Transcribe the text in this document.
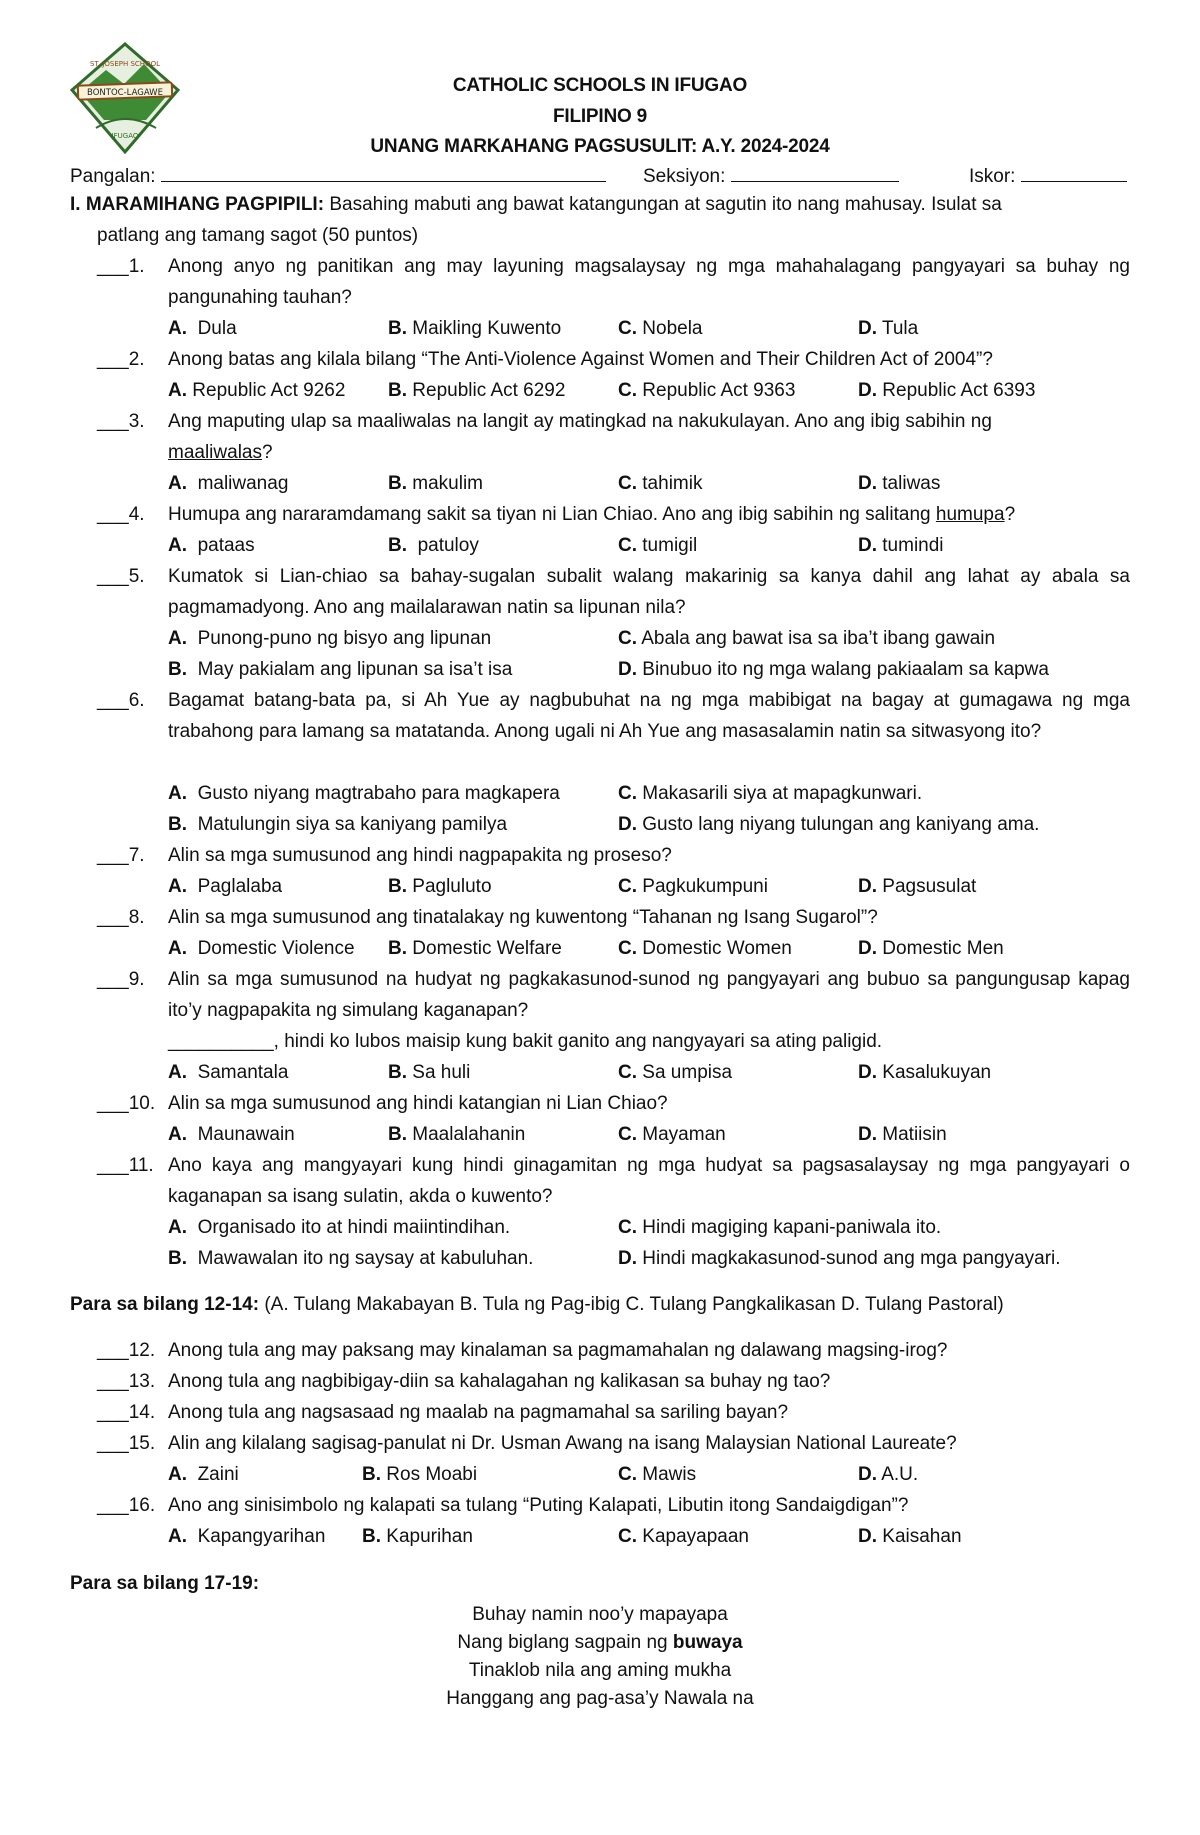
BONTOC-LAGAWE
ST. JOSEPH SCHOOL
IFUGAO
CATHOLIC SCHOOLS IN IFUGAO
FILIPINO 9
UNANG MARKAHANG PAGSUSULIT: A.Y. 2024-2024
Pangalan:	Seksiyon:	Iskor:
I. MARAMIHANG PAGPIPILI: Basahing mabuti ang bawat katangungan at sagutin ito nang mahusay. Isulat sa
patlang ang tamang sagot (50 puntos)
___1. Anong anyo ng panitikan ang may layuning magsalaysay ng mga mahahalagang pangyayari sa buhay ng pangunahing tauhan?
A. Dula	B. Maikling Kuwento	C. Nobela	D. Tula
___2. Anong batas ang kilala bilang “The Anti-Violence Against Women and Their Children Act of 2004”?
A. Republic Act 9262 B. Republic Act 6292	C. Republic Act 9363	D. Republic Act 6393
___3. Ang maputing ulap sa maaliwalas na langit ay matingkad na nakukulayan. Ano ang ibig sabihin ng
maaliwalas?
A. maliwanag	B. makulim	C. tahimik	D. taliwas
___4. Humupa ang nararamdamang sakit sa tiyan ni Lian Chiao. Ano ang ibig sabihin ng salitang humupa?
A. pataas	B. patuloy	C. tumigil	D. tumindi
___5. Kumatok si Lian-chiao sa bahay-sugalan subalit walang makarinig sa kanya dahil ang lahat ay abala sa pagmamadyong. Ano ang mailalarawan natin sa lipunan nila?
A. Punong-puno ng bisyo ang lipunan	C. Abala ang bawat isa sa iba’t ibang gawain
B. May pakialam ang lipunan sa isa’t isa	D. Binubuo ito ng mga walang pakiaalam sa kapwa
___6. Bagamat batang-bata pa, si Ah Yue ay nagbubuhat na ng mga mabibigat na bagay at gumagawa ng mga trabahong para lamang sa matatanda. Anong ugali ni Ah Yue ang masasalamin natin sa sitwasyong ito?
A. Gusto niyang magtrabaho para magkapera	C. Makasarili siya at mapagkunwari.
B. Matulungin siya sa kaniyang pamilya	D. Gusto lang niyang tulungan ang kaniyang ama.
___7. Alin sa mga sumusunod ang hindi nagpapakita ng proseso?
A. Paglalaba	B. Pagluluto	C. Pagkukumpuni	D. Pagsusulat
___8. Alin sa mga sumusunod ang tinatalakay ng kuwentong “Tahanan ng Isang Sugarol”?
A. Domestic Violence B. Domestic Welfare	C. Domestic Women	D. Domestic Men
___9. Alin sa mga sumusunod na hudyat ng pagkakasunod-sunod ng pangyayari ang bubuo sa pangungusap kapag ito’y nagpapakita ng simulang kaganapan?
__________, hindi ko lubos maisip kung bakit ganito ang nangyayari sa ating paligid.
A. Samantala	B. Sa huli	C. Sa umpisa	D. Kasalukuyan
___10. Alin sa mga sumusunod ang hindi katangian ni Lian Chiao?
A. Maunawain	B. Maalalahanin	C. Mayaman	D. Matiisin
___11. Ano kaya ang mangyayari kung hindi ginagamitan ng mga hudyat sa pagsasalaysay ng mga pangyayari o kaganapan sa isang sulatin, akda o kuwento?
A. Organisado ito at hindi maiintindihan.	C. Hindi magiging kapani-paniwala ito.
B. Mawawalan ito ng saysay at kabuluhan.	D. Hindi magkakasunod-sunod ang mga pangyayari.
Para sa bilang 12-14: (A. Tulang Makabayan B. Tula ng Pag-ibig C. Tulang Pangkalikasan D. Tulang Pastoral)
___12. Anong tula ang may paksang may kinalaman sa pagmamahalan ng dalawang magsing-irog?
___13. Anong tula ang nagbibigay-diin sa kahalagahan ng kalikasan sa buhay ng tao?
___14. Anong tula ang nagsasaad ng maalab na pagmamahal sa sariling bayan?
___15. Alin ang kilalang sagisag-panulat ni Dr. Usman Awang na isang Malaysian National Laureate?
A. Zaini	B. Ros Moabi	C. Mawis	D. A.U.
___16. Ano ang sinisimbolo ng kalapati sa tulang “Puting Kalapati, Libutin itong Sandaigdigan”?
A. Kapangyarihan B. Kapurihan	C. Kapayapaan	D. Kaisahan
Para sa bilang 17-19:
Buhay namin noo’y mapayapa
Nang biglang sagpain ng buwaya
Tinaklob nila ang aming mukha
Hanggang ang pag-asa’y Nawala na
